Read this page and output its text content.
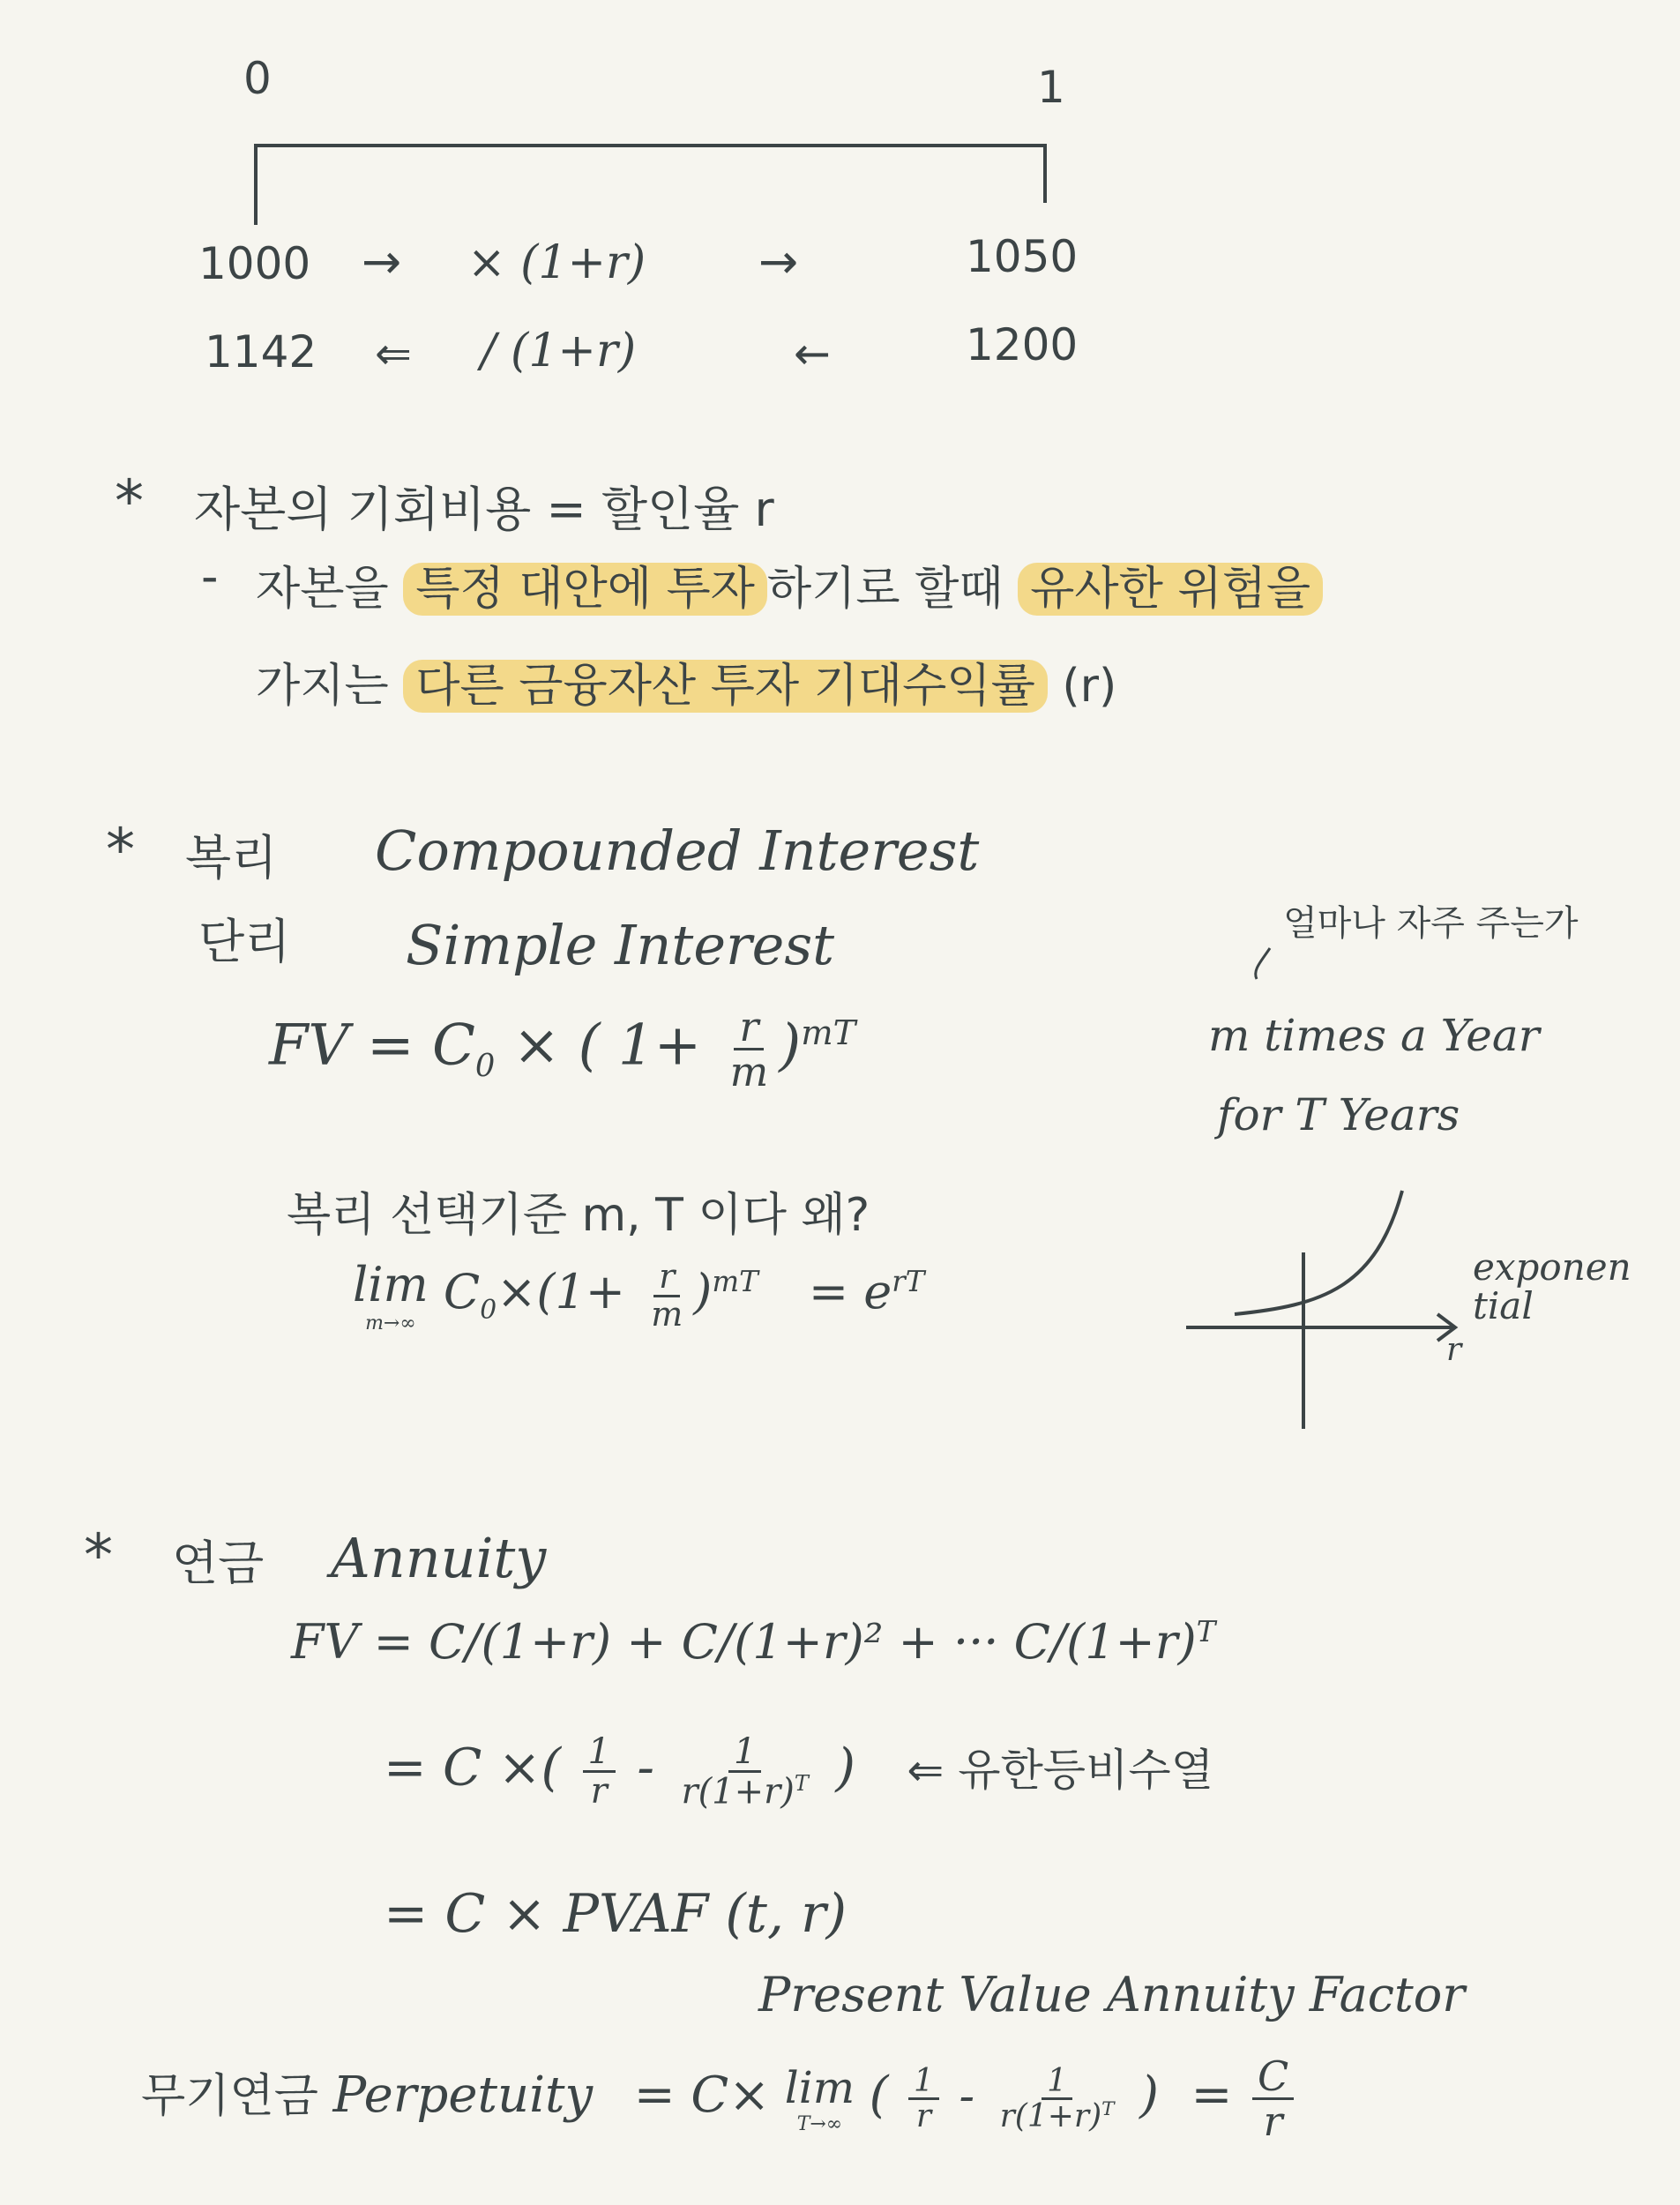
0	1
1000 → × (1+r) →	1050
1142 ⇐ / (1+r)	←	1200
* 자본의 기회비용 = 할인율 r
- 자본을 특정 대안에 투자 하기로 할때 유사한 위험을
가지는 다른 금융자산 투자 기대수익률 (r)
* 복리 Compounded Interest
단리 Simple Interest
FV = $C_0$ × ( $1+ \frac{r}{m} )^{mT}$
얼마나 자주 주는가
m times a Year
for T Years
복리 선택기준 m, T 이다 왜?
lim
m→∞
$C_0\times(1+ \frac{r}{m} )^{mT} = e^{rT}$
r
exponential
* 연금 Annuity
FV = C/(1+r) + C/(1+r)² + ··· $C/(1+r)^T$
= C ×( $\frac{1}{r} - \frac{1}{r(1+r)^T}$ ) ⇐ 유한등비수열
= C × PVAF (t, r)
Present Value Annuity Factor
무기연금 Perpetuity = C× lim
T→∞
( $\frac{1}{r} - \frac{1}{r(1+r)^T}$ ) = $\frac{C}{r}$
